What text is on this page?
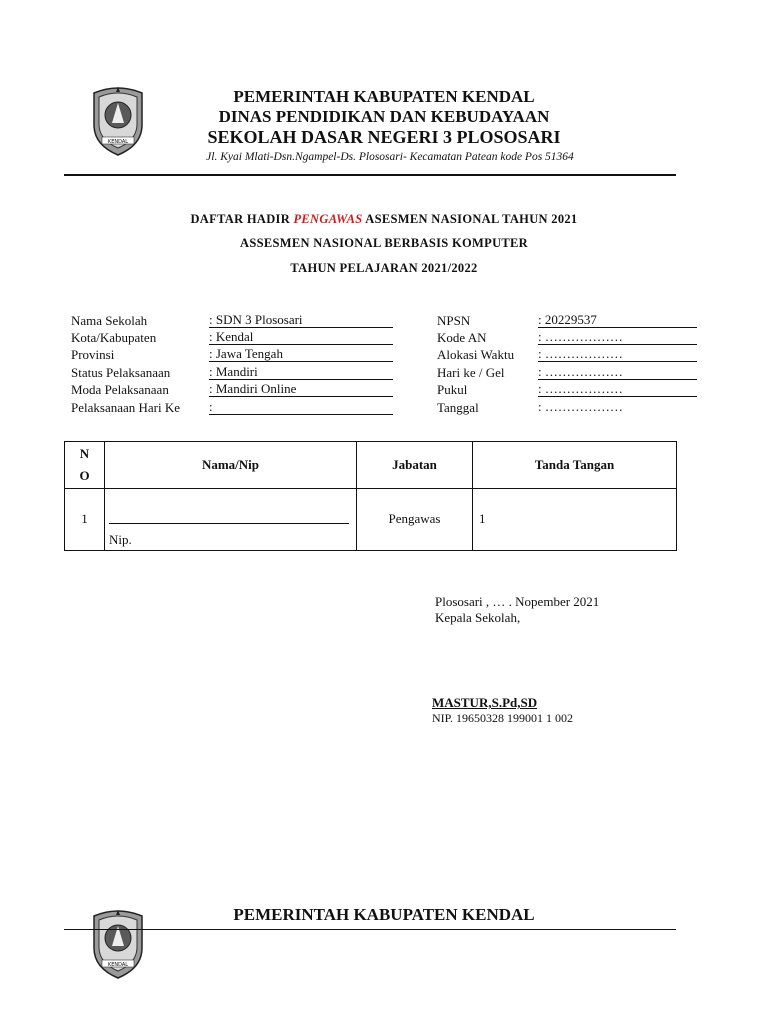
KENDAL
PEMERINTAH KABUPATEN KENDAL
DINAS PENDIDIKAN DAN KEBUDAYAAN
SEKOLAH DASAR NEGERI 3 PLOSOSARI
Jl. Kyai Mlati-Dsn.Ngampel-Ds. Plososari- Kecamatan Patean kode Pos 51364
DAFTAR HADIR PENGAWAS ASESMEN NASIONAL TAHUN 2021
ASSESMEN NASIONAL BERBASIS KOMPUTER
TAHUN PELAJARAN 2021/2022
Nama Sekolah	: SDN 3 Plososari
Kota/Kabupaten	: Kendal
Provinsi	: Jawa Tengah
Status Pelaksanaan	: Mandiri
Moda Pelaksanaan	: Mandiri Online
Pelaksanaan Hari Ke :
NPSN	: 20229537
Kode AN	: ………………
Alokasi Waktu : ………………
Hari ke / Gel	: ………………
Pukul	: ………………
Tanggal	: ………………
N
O	Nama/Nip	Jabatan	Tanda Tangan
1	Nip.	Pengawas	1
Plososari , … . Nopember 2021
Kepala Sekolah,
MASTUR,S.Pd,SD
NIP. 19650328 199001 1 002
KENDAL
PEMERINTAH KABUPATEN KENDAL
